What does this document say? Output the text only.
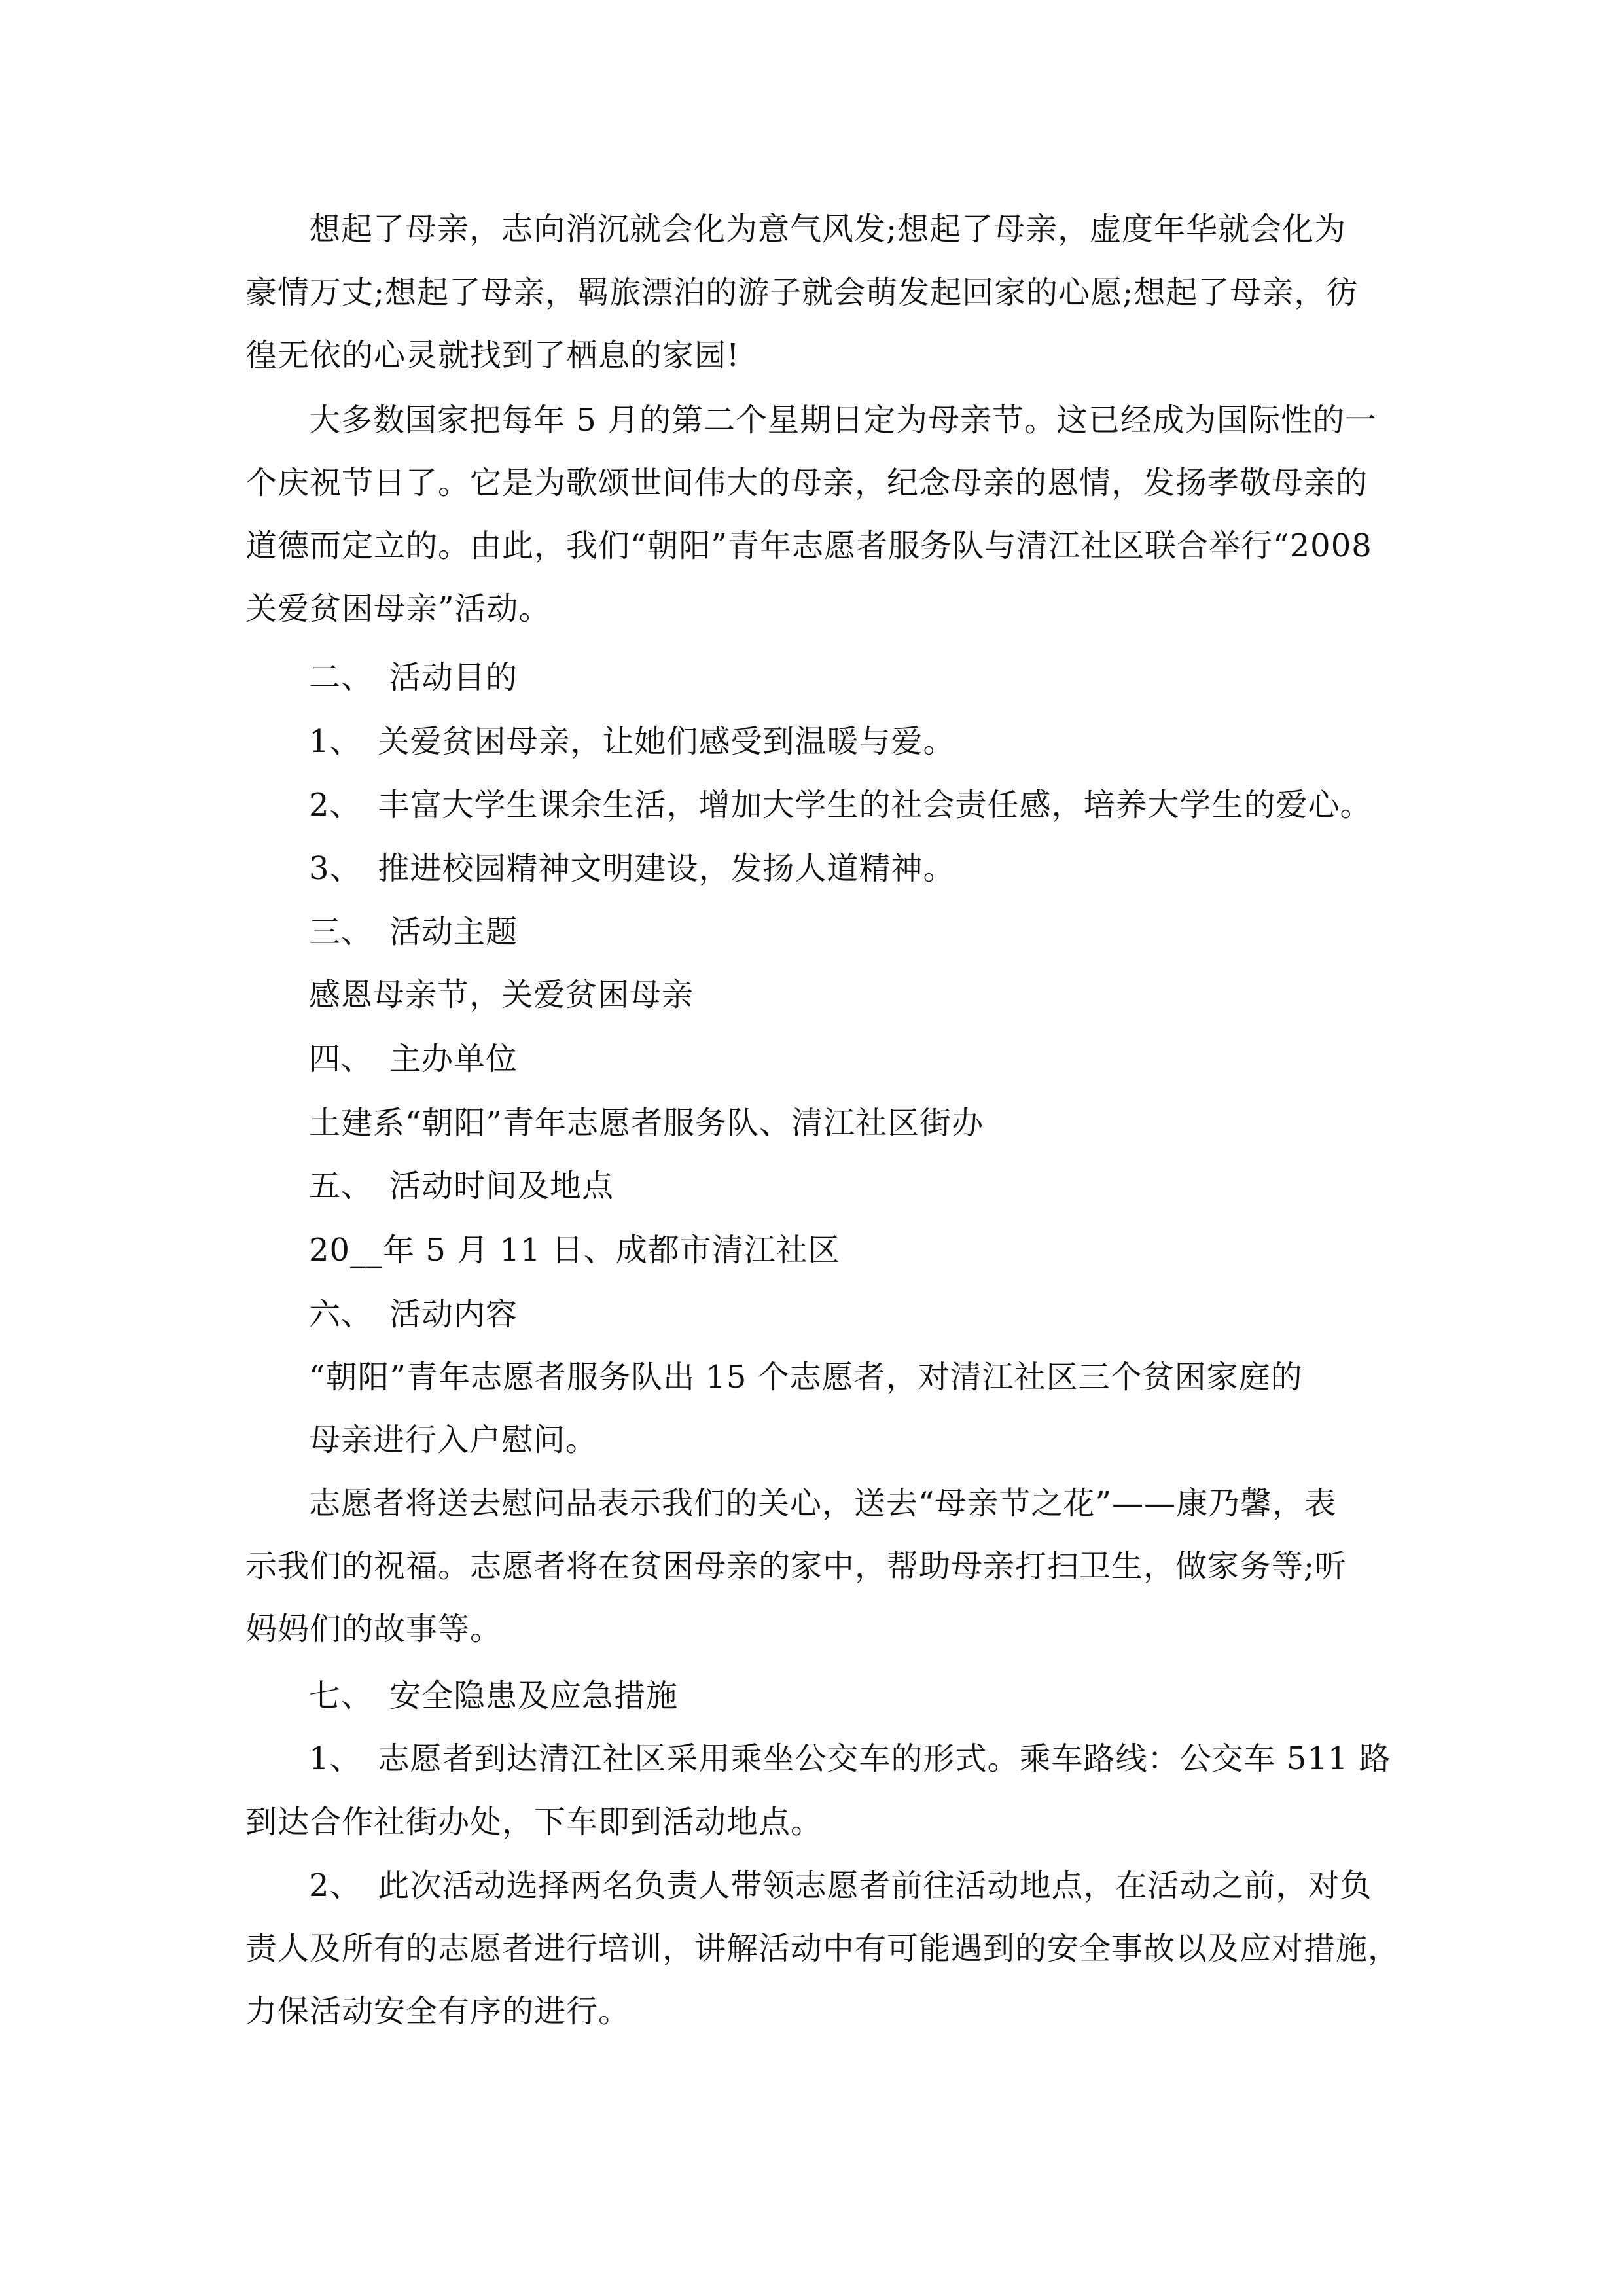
想起了母亲，志向消沉就会化为意气风发;想起了母亲，虚度年华就会化为
豪情万丈;想起了母亲，羁旅漂泊的游子就会萌发起回家的心愿;想起了母亲，彷
徨无依的心灵就找到了栖息的家园!
大多数国家把每年 5 月的第二个星期日定为母亲节。这已经成为国际性的一
个庆祝节日了。它是为歌颂世间伟大的母亲，纪念母亲的恩情，发扬孝敬母亲的
道德而定立的。由此，我们“朝阳”青年志愿者服务队与清江社区联合举行“2008
关爱贫困母亲”活动。
二、　活动目的
1、　关爱贫困母亲，让她们感受到温暖与爱。
2、　丰富大学生课余生活，增加大学生的社会责任感，培养大学生的爱心。
3、　推进校园精神文明建设，发扬人道精神。
三、　活动主题
感恩母亲节，关爱贫困母亲
四、　主办单位
土建系“朝阳”青年志愿者服务队、清江社区街办
五、　活动时间及地点
20__年 5 月 11 日、成都市清江社区
六、　活动内容
“朝阳”青年志愿者服务队出 15 个志愿者，对清江社区三个贫困家庭的
母亲进行入户慰问。
志愿者将送去慰问品表示我们的关心，送去“母亲节之花”——康乃馨，表
示我们的祝福。志愿者将在贫困母亲的家中，帮助母亲打扫卫生，做家务等;听
妈妈们的故事等。
七、　安全隐患及应急措施
1、　志愿者到达清江社区采用乘坐公交车的形式。乘车路线：公交车 511 路
到达合作社街办处，下车即到活动地点。
2、　此次活动选择两名负责人带领志愿者前往活动地点，在活动之前，对负
责人及所有的志愿者进行培训，讲解活动中有可能遇到的安全事故以及应对措施，
力保活动安全有序的进行。
